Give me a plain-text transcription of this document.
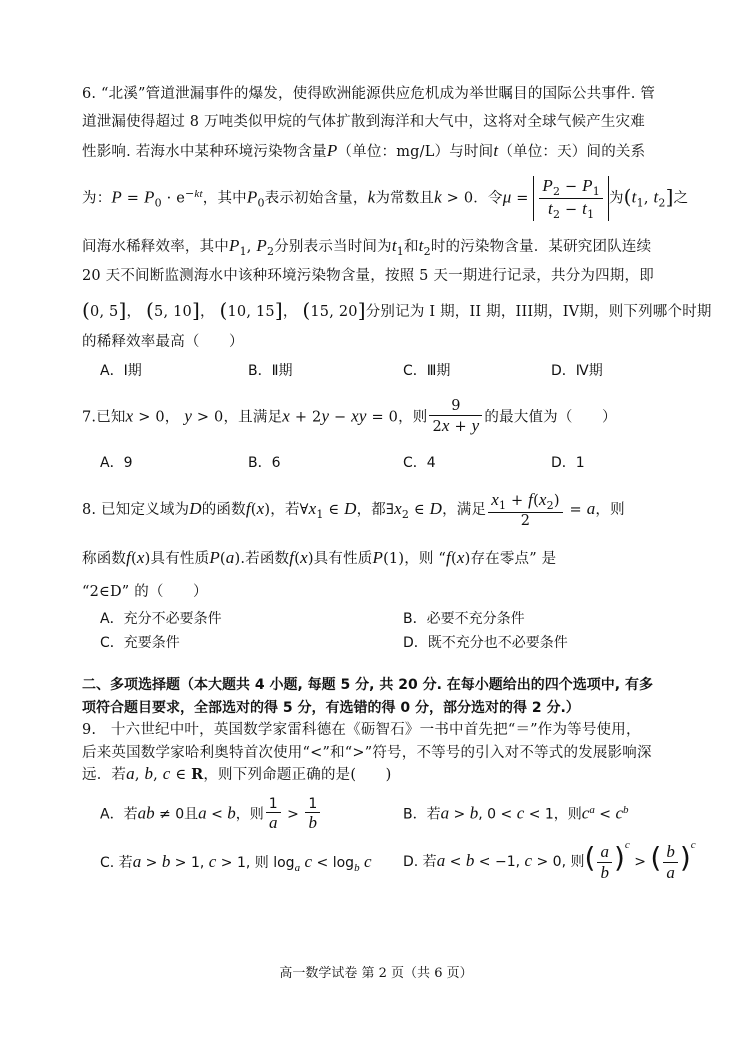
6. “北溪”管道泄漏事件的爆发，使得欧洲能源供应危机成为举世瞩目的国际公共事件. 管
道泄漏使得超过 8 万吨类似甲烷的气体扩散到海洋和大气中，这将对全球气候产生灾难
性影响. 若海水中某种环境污染物含量P（单位：mg/L）与时间t（单位：天）间的关系
为：$P = P_0 \cdot e^{-kt}$，其中$P_0$表示初始含量，k为常数且k > 0．令$\mu = \frac{P_2 - P_1}{t_2 - t_1}$ 为($t_1$, $t_2$]之
间海水稀释效率，其中$P_1$, $P_2$分别表示当时间为$t_1$和$t_2$时的污染物含量．某研究团队连续
20 天不间断监测海水中该种环境污染物含量，按照 5 天一期进行记录，共分为四期，即
(0, 5]， (5, 10]， (10, 15]， (15, 20]分别记为 I 期，II 期，III期，IV期，则下列哪个时期
的稀释效率最高（　　）
A．Ⅰ期	B．Ⅱ期	C．Ⅲ期	D．Ⅳ期
7.已知x > 0， y > 0，且满足x + 2y − xy = 0，则 $\frac{9}{2x + y}$ 的最大值为（　　）
A．9	B．6	C．4	D．1
8. 已知定义域为D的函数f(x)，若$\forall x_1$ ∈ D，都$\exists x_2$ ∈ D，满足 $\frac{x_1 + f(x_2)}{2} = a$，则
称函数f(x)具有性质P(a).若函数f(x)具有性质P(1)，则 “f(x)存在零点” 是
“2∈D” 的（　　）
A．充分不必要条件	B．必要不充分条件
C．充要条件	D．既不充分也不必要条件
二、多项选择题（本大题共 4 小题, 每题 5 分, 共 20 分. 在每小题给出的四个选项中, 有多
项符合题目要求，全部选对的得 5 分，有选错的得 0 分，部分选对的得 2 分.）
9.　十六世纪中叶，英国数学家雷科德在《砺智石》一书中首先把“＝”作为等号使用，
后来英国数学家哈利奥特首次使用“<”和“>”符号，不等号的引入对不等式的发展影响深
远．若a, b, c ∈ R，则下列命题正确的是(　　)
A．若ab ≠ 0且a < b，则 $\frac{1}{a} > \frac{1}{b}$	B．若a > b, 0 < c < 1，则$c^a < c^b$
C. 若a > b > 1, c > 1, 则 $\log_a c < \log_b c$ D. 若a < b < −1, c > 0, 则( $\frac{a}{b} )^c$ > ( $\frac{b}{a} )^c$
高一数学试卷 第 2 页（共 6 页）
